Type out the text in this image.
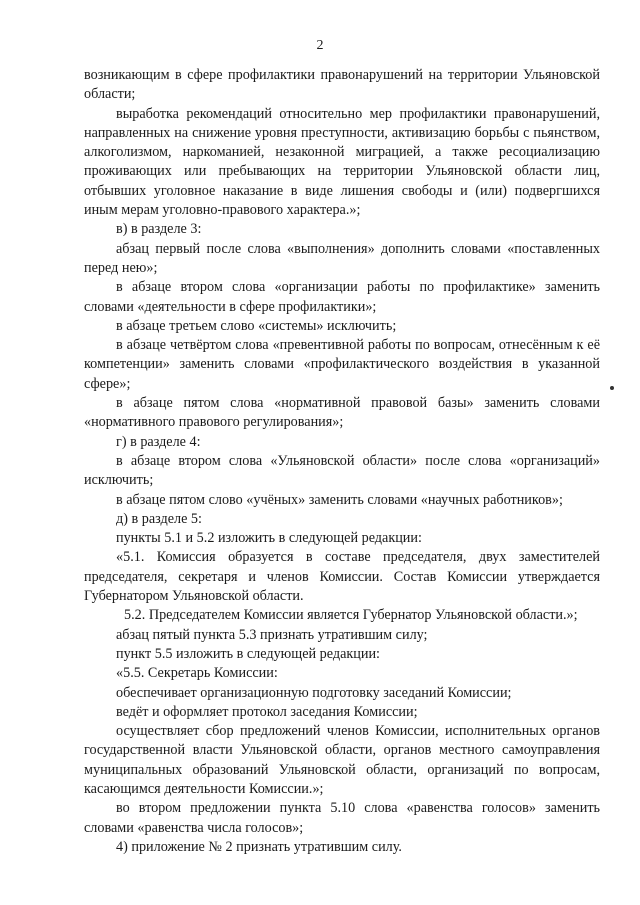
2

возникающим в сфере профилактики правонарушений на территории Ульяновской области;

выработка рекомендаций относительно мер профилактики правонарушений, направленных на снижение уровня преступности, активизацию борьбы с пьянством, алкоголизмом, наркоманией, незаконной миграцией, а также ресоциализацию проживающих или пребывающих на территории Ульяновской области лиц, отбывших уголовное наказание в виде лишения свободы и (или) подвергшихся иным мерам уголовно-правового характера.»;

в) в разделе 3:

абзац первый после слова «выполнения» дополнить словами «поставленных перед нею»;

в абзаце втором слова «организации работы по профилактике» заменить словами «деятельности в сфере профилактики»;

в абзаце третьем слово «системы» исключить;

в абзаце четвёртом слова «превентивной работы по вопросам, отнесённым к её компетенции» заменить словами «профилактического воздействия в указанной сфере»;

в абзаце пятом слова «нормативной правовой базы» заменить словами «нормативного правового регулирования»;

г) в разделе 4:

в абзаце втором слова «Ульяновской области» после слова «организаций» исключить;

в абзаце пятом слово «учёных» заменить словами «научных работников»;

д) в разделе 5:

пункты 5.1 и 5.2 изложить в следующей редакции:

«5.1. Комиссия образуется в составе председателя, двух заместителей председателя, секретаря и членов Комиссии. Состав Комиссии утверждается Губернатором Ульяновской области.

5.2. Председателем Комиссии является Губернатор Ульяновской области.»;

абзац пятый пункта 5.3 признать утратившим силу;

пункт 5.5 изложить в следующей редакции:

«5.5. Секретарь Комиссии:

обеспечивает организационную подготовку заседаний Комиссии;

ведёт и оформляет протокол заседания Комиссии;

осуществляет сбор предложений членов Комиссии, исполнительных органов государственной власти Ульяновской области, органов местного самоуправления муниципальных образований Ульяновской области, организаций по вопросам, касающимся деятельности Комиссии.»;

во втором предложении пункта 5.10 слова «равенства голосов» заменить словами «равенства числа голосов»;

4) приложение № 2 признать утратившим силу.
